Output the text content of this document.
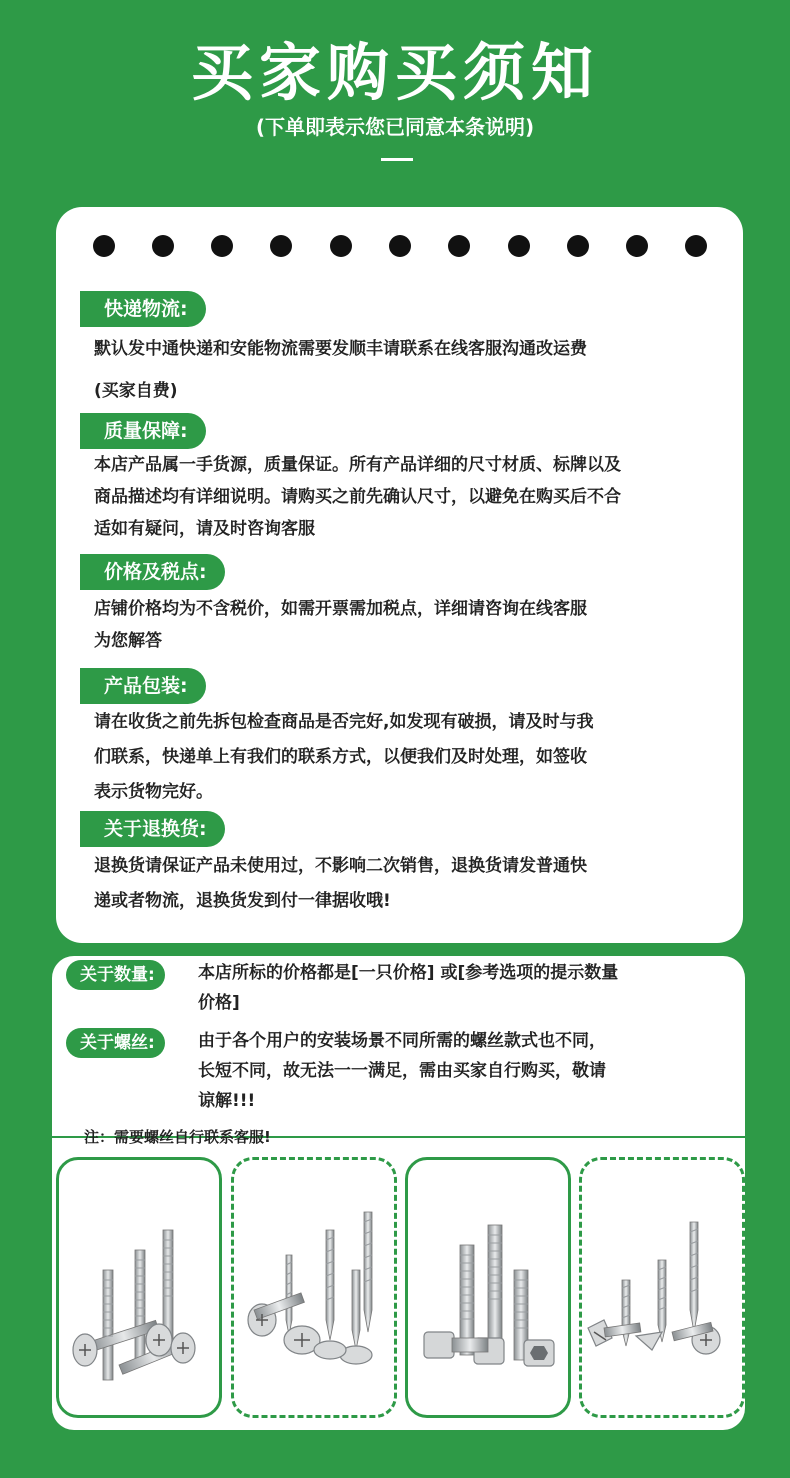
买家购买须知
(下单即表示您已同意本条说明)
快递物流:
默认发中通快递和安能物流需要发顺丰请联系在线客服沟通改运费
(买家自费)
质量保障:
本店产品属一手货源，质量保证。所有产品详细的尺寸材质、标牌以及
商品描述均有详细说明。请购买之前先确认尺寸，以避免在购买后不合
适如有疑问，请及时咨询客服
价格及税点:
店铺价格均为不含税价，如需开票需加税点，详细请咨询在线客服
为您解答
产品包装:
请在收货之前先拆包检查商品是否完好,如发现有破损，请及时与我
们联系，快递单上有我们的联系方式，以便我们及时处理，如签收
表示货物完好。
关于退换货:
退换货请保证产品未使用过，不影响二次销售，退换货请发普通快
递或者物流，退换货发到付一律据收哦!
关于数量:	本店所标的价格都是[一只价格] 或[参考选项的提示数量
价格]
关于螺丝:	由于各个用户的安装场景不同所需的螺丝款式也不同，
长短不同，故无法一一满足，需由买家自行购买，敬请
谅解!!!
注：需要螺丝自行联系客服!
